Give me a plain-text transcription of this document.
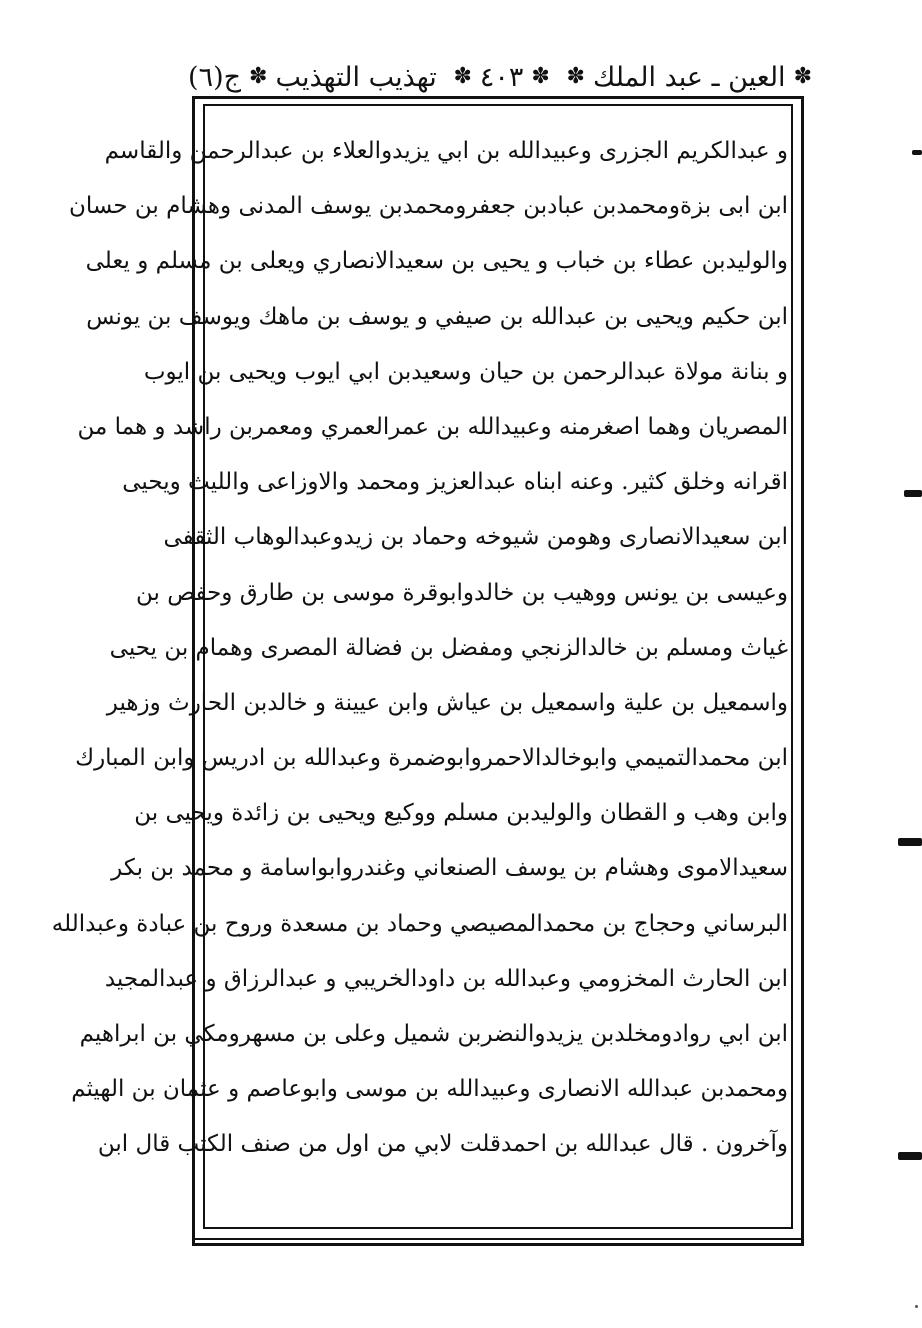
✽
العين ـ عبد الملك
✽
✽
٤٠٣
✽
تهذيب التهذيب
✽
ج(٦)
و عبدالكريم الجزرى وعبيدالله بن ابي يزيدوالعلاء بن عبدالرحمن والقاسم
ابن ابى بزةومحمدبن عبادبن جعفرومحمدبن يوسف المدنى وهشام بن حسان
والوليدبن عطاء بن خباب و يحيى بن سعيدالانصاري ويعلى بن مسلم و يعلى
ابن حكيم ويحيى بن عبدالله بن صيفي و يوسف بن ماهك ويوسف بن يونس
و بنانة مولاة عبدالرحمن بن حيان وسعيدبن ابي ايوب ويحيى بن ايوب
المصريان وهما اصغرمنه وعبيدالله بن عمرالعمري ومعمربن راشد و هما من
اقرانه وخلق كثير. وعنه ابناه عبدالعزيز ومحمد والاوزاعى والليث ويحيى
ابن سعيدالانصارى وهومن شيوخه وحماد بن زيدوعبدالوهاب الثقفى
وعيسى بن يونس ووهيب بن خالدوابوقرة موسى بن طارق وحفص بن
غياث ومسلم بن خالدالزنجي ومفضل بن فضالة المصرى وهمام بن يحيى
واسمعيل بن علية واسمعيل بن عياش وابن عيينة و خالدبن الحارث وزهير
ابن محمدالتميمي وابوخالدالاحمروابوضمرة وعبدالله بن ادريس وابن المبارك
وابن وهب و القطان والوليدبن مسلم ووكيع ويحيى بن زائدة ويحيى بن
سعيدالاموى وهشام بن يوسف الصنعاني وغندروابواسامة و محمد بن بكر
البرساني وحجاج بن محمدالمصيصي وحماد بن مسعدة وروح بن عبادة وعبدالله
ابن الحارث المخزومي وعبدالله بن داودالخريبي و عبدالرزاق و عبدالمجيد
ابن ابي روادومخلدبن يزيدوالنضربن شميل وعلى بن مسهرومكي بن ابراهيم
ومحمدبن عبدالله الانصارى وعبيدالله بن موسى وابوعاصم و عثمان بن الهيثم
وآخرون . قال عبدالله بن احمدقلت لابي من اول من صنف الكتب قال ابن
